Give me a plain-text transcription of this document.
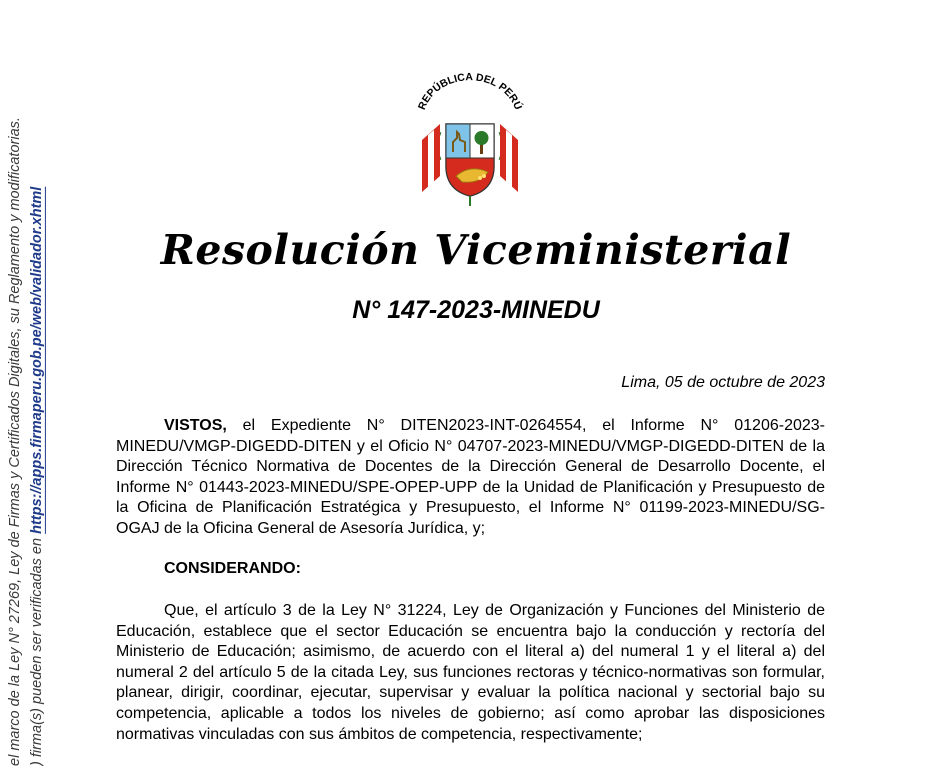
el marco de la Ley N° 27269, Ley de Firmas y Certificados Digitales, su Reglamento y modificatorias. ) firma(s) pueden ser verificadas en https://apps.firmaperu.gob.pe/web/validador.xhtml
REPÚBLICA DEL PERÚ
Resolución Viceministerial
N° 147-2023-MINEDU
Lima, 05 de octubre de 2023

VISTOS, el Expediente N° DITEN2023-INT-0264554, el Informe N° 01206-2023-MINEDU/VMGP-DIGEDD-DITEN y el Oficio N° 04707-2023-MINEDU/VMGP-DIGEDD-DITEN de la Dirección Técnico Normativa de Docentes de la Dirección General de Desarrollo Docente, el Informe N° 01443-2023-MINEDU/SPE-OPEP-UPP de la Unidad de Planificación y Presupuesto de la Oficina de Planificación Estratégica y Presupuesto, el Informe N° 01199-2023-MINEDU/SG-OGAJ de la Oficina General de Asesoría Jurídica, y;

CONSIDERANDO:

Que, el artículo 3 de la Ley N° 31224, Ley de Organización y Funciones del Ministerio de Educación, establece que el sector Educación se encuentra bajo la conducción y rectoría del Ministerio de Educación; asimismo, de acuerdo con el literal a) del numeral 1 y el literal a) del numeral 2 del artículo 5 de la citada Ley, sus funciones rectoras y técnico-normativas son formular, planear, dirigir, coordinar, ejecutar, supervisar y evaluar la política nacional y sectorial bajo su competencia, aplicable a todos los niveles de gobierno; así como aprobar las disposiciones normativas vinculadas con sus ámbitos de competencia, respectivamente;
